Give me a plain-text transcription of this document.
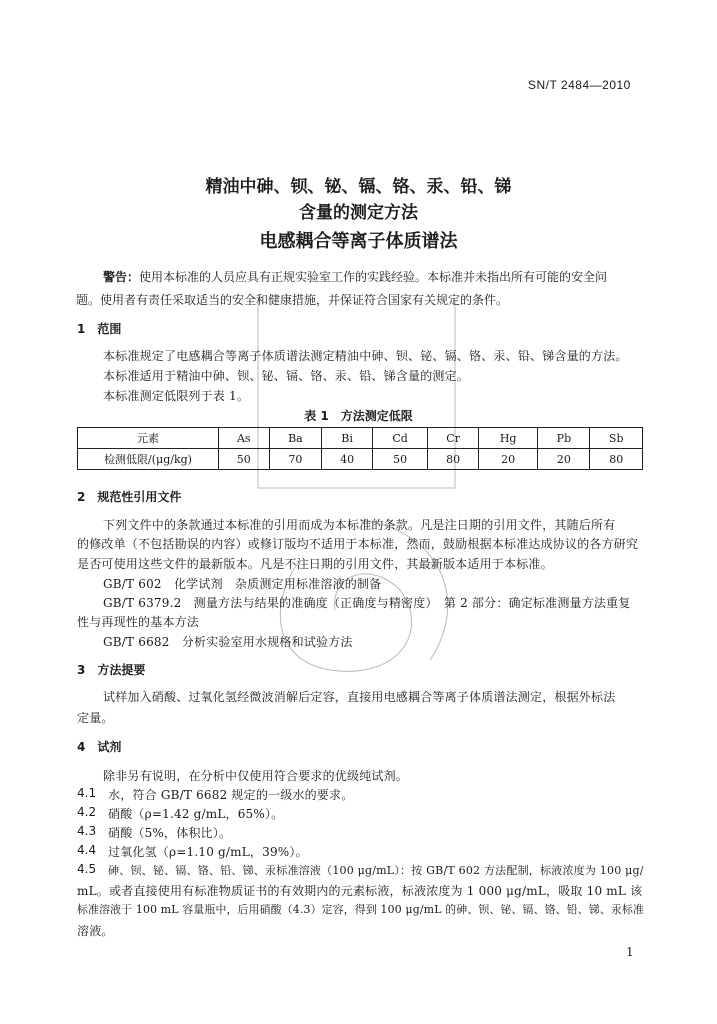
SN/T 2484—2010
精油中砷、钡、铋、镉、铬、汞、铅、锑
含量的测定方法
电感耦合等离子体质谱法
警告： 使用本标准的人员应具有正规实验室工作的实践经验。本标准并未指出所有可能的安全问
题。使用者有责任采取适当的安全和健康措施，并保证符合国家有关规定的条件。
1　范围
本标准规定了电感耦合等离子体质谱法测定精油中砷、钡、铋、镉、铬、汞、铅、锑含量的方法。
本标准适用于精油中砷、钡、铋、镉、铬、汞、铅、锑含量的测定。
本标准测定低限列于表 1。
表 1　方法测定低限
元素	As	Ba	Bi	Cd	Cr	Hg	Pb	Sb
检测低限/(μg/kg)	50	70	40	50	80	20	20	80
2　规范性引用文件
下列文件中的条款通过本标准的引用而成为本标准的条款。凡是注日期的引用文件，其随后所有
的修改单（不包括勘误的内容）或修订版均不适用于本标准，然而，鼓励根据本标准达成协议的各方研究
是否可使用这些文件的最新版本。凡是不注日期的引用文件，其最新版本适用于本标准。
GB/T 602　化学试剂　杂质测定用标准溶液的制备
GB/T 6379.2　测量方法与结果的准确度（正确度与精密度）　第 2 部分：确定标准测量方法重复
性与再现性的基本方法
GB/T 6682　分析实验室用水规格和试验方法
3　方法提要
试样加入硝酸、过氧化氢经微波消解后定容，直接用电感耦合等离子体质谱法测定，根据外标法
定量。
4　试剂
除非另有说明，在分析中仅使用符合要求的优级纯试剂。
4.1 水，符合 GB/T 6682 规定的一级水的要求。
4.2 硝酸（ρ=1.42 g/mL，65%）。
4.3 硝酸（5%，体积比）。
4.4 过氧化氢（ρ=1.10 g/mL，39%）。
4.5 砷、钡、铋、镉、铬、铅、锑、汞标准溶液（100 μg/mL）：按 GB/T 602 方法配制，标液浓度为 100 μg/
mL。或者直接使用有标准物质证书的有效期内的元素标液，标液浓度为 1 000 μg/mL，吸取 10 mL 该
标准溶液于 100 mL 容量瓶中，后用硝酸（4.3）定容，得到 100 μg/mL 的砷、钡、铋、镉、铬、铅、锑、汞标准
溶液。
1
